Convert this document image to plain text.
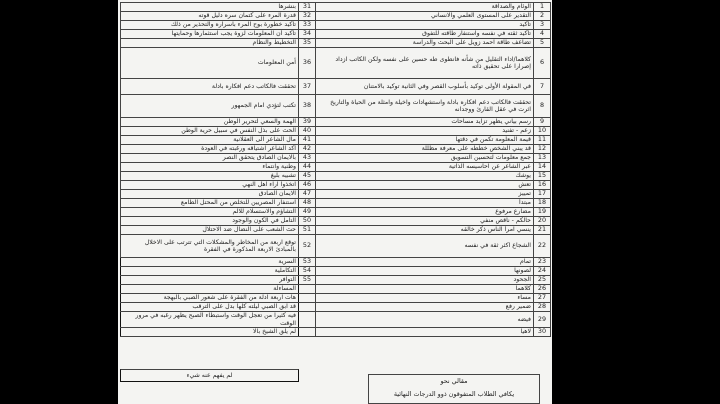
بنشرها	31	الوئام والصداقة	1
قدرة المرء على كتمان سره دليل قوته	32	التقدير على المستوى العلمي والانساني	2
تأكيد خطورة بوح المرء باسراره والتحذير من ذلك	33	تأكيد	3
تأكيد أن المعلومات لزوة يجب استثمارها وحمايتها	34	تأكيد ثقته في نفسه واستنفار طاقته للتفوق	4
التخطيط والنظام	35	تضاعف طاقة احمد زويل على البحث والدراسة	5
أمن المعلومات	36	كلاهما/اداء التقليل من شأنه فانطوى طه حسين على نفسه ولكن الكاتب ازداد إصرارا على تحقيق ذاته	6
تحققت فالكاتب دعم افكاره بادلة	37	في المقولة الأولى توكيد بأسلوب القصر وفي الثانية توكيد بالامتنان	7
تكتب لتؤدي امام الجمهور	38	تحققت فالكاتب دعم افكاره بادلة واستشهادات واخيلة وامثلة من الحياة والتاريخ اثرت في عقل القارئ ووجدانه	8
الهمة والسعي لتحرير الوطن	39	رسم بياني يظهر تزايد مساحات	9
الحث على بذل النفس في سبيل حرية الوطن	40	زعم - تفنيد	10
مال الشاعر الى العقلانية	41	قيمة المعلومة تكمن في دقتها	11
اكد الشاعر اشتياقه ورغبته في العودة	42	قد يبني الشخص خططه على معرفة مظللة	12
بالايمان الصادق يتحقق النصر	43	جمع معلومات لتحسين التسويق	13
وطنية وانتماء	44	عبر الشاعر عن احاسيسه الذاتية	14
تشبيه بليغ	45	يوشك	15
اتخذوا اراء اهل النهي	46	تعش	16
الايمان الصادق	47	تمييز	17
استنفار المصريين للتخلص من المحتل الطامع	48	مبتدأ	18
التشاؤم والاستسلام للالم	49	مضارع مرفوع	19
التأمل في الكون والوجود	50	حالكم - ناقص منفي	20
حث الشعب على النضال ضد الاحتلال	51	ينسي امرأ الناس ذكر خالقه	21
توقع اربعة من المخاطر والمشكلات التي تترتب على الاخلال بالمبادئ الاربعة المذكورة في الفقرة	52	الشجاع اكثر ثقة في نفسه	22
السرية	53	تمام	23
التكاملية	54	لصونها	24
التوافر	55	الجحود	25
المساءلة		كلاهما	26
هات اربعة ادلة من الفقرة على شعور الصبي بالبهجة		مساء	27
قد ابق الصبي ليلته كلها بدل على الترقب		ضمير رفع	28
فيه كثيرا من تعجل الوقت واستبطاء الصبح يظهر رغبه في مرور الوقت		فيضه	29
لم يلق الشيخ بالا		لاهيا	30
لم يفهم عنه شيء
مقالي نحو
يكافي الطلاب المتفوقون ذوو الدرجات النهائية
